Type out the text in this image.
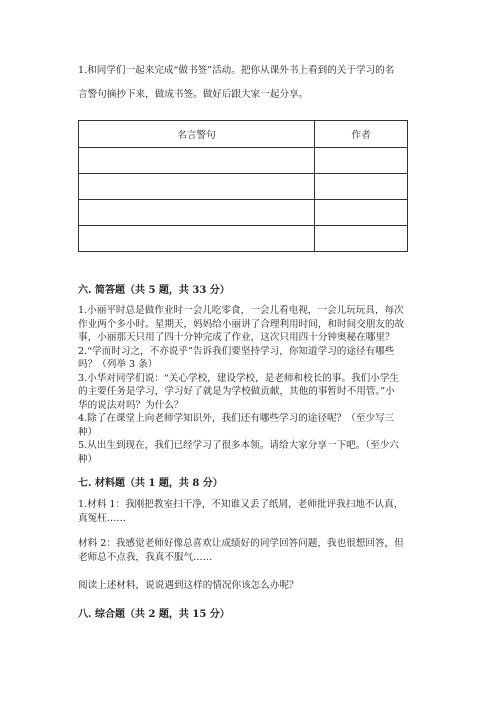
1.和同学们一起来完成“做书签”活动。把你从课外书上看到的关于学习的名
言警句摘抄下来，做成书签。做好后跟大家一起分享。
名言警句	作者

六. 简答题（共 5 题，共 33 分）
1.小丽平时总是做作业时一会儿吃零食，一会儿看电视，一会儿玩玩具，每次
作业两个多小时。星期天，妈妈给小丽讲了合理利用时间，和时间交朋友的故
事，小丽那天只用了四十分钟完成了作业，这次只用四十分钟奥秘在哪里？
2.“学而时习之，不亦说乎”告诉我们要坚持学习，你知道学习的途径有哪些
吗？（列举 3 条）
3.小华对同学们说：“关心学校，建设学校，是老师和校长的事。我们小学生
的主要任务是学习，学习好了就是为学校做贡献，其他的事暂时不用管。”小
华的说法对吗？为什么？
4.除了在课堂上向老师学知识外，我们还有哪些学习的途径呢？（至少写三
种）
5.从出生到现在，我们已经学习了很多本领。请给大家分享一下吧。（至少六
种）
七. 材料题（共 1 题，共 8 分）
1.材料 1：我刚把教室扫干净，不知谁又丢了纸屑，老师批评我扫地不认真，
真冤枉……
材料 2：我感觉老师好像总喜欢让成绩好的同学回答问题，我也很想回答，但
老师总不点我，我真不服气……
阅读上述材料，说说遇到这样的情况你该怎么办呢？
八. 综合题（共 2 题，共 15 分）
